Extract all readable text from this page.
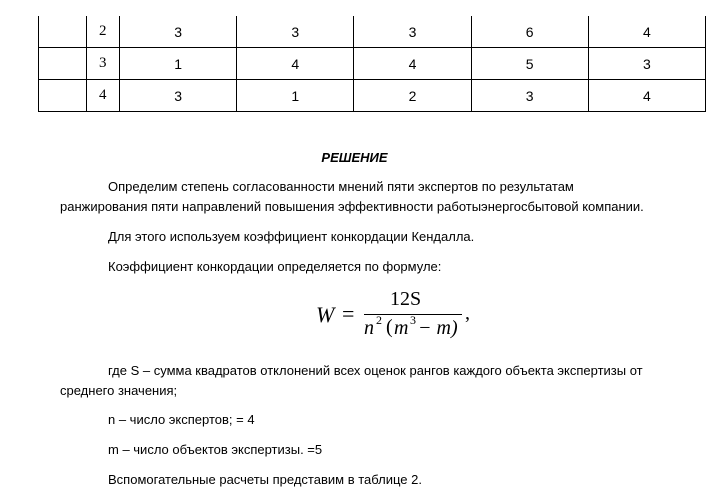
	2	3	3	3	6	4
	3	1	4	4	5	3
	4	3	1	2	3	4
РЕШЕНИЕ
Определим степень согласованности мнений пяти экспертов по результатам
ранжирования пяти направлений повышения эффективности работыэнергосбытовой компании.
Для этого используем коэффициент конкордации Кендалла.
Коэффициент конкордации определяется по формуле:
W =
12S
n 2 ( m 3 − m)
,
где S – сумма квадратов отклонений всех оценок рангов каждого объекта экспертизы от
среднего значения;
n – число экспертов; = 4
m – число объектов экспертизы. =5
Вспомогательные расчеты представим в таблице 2.
